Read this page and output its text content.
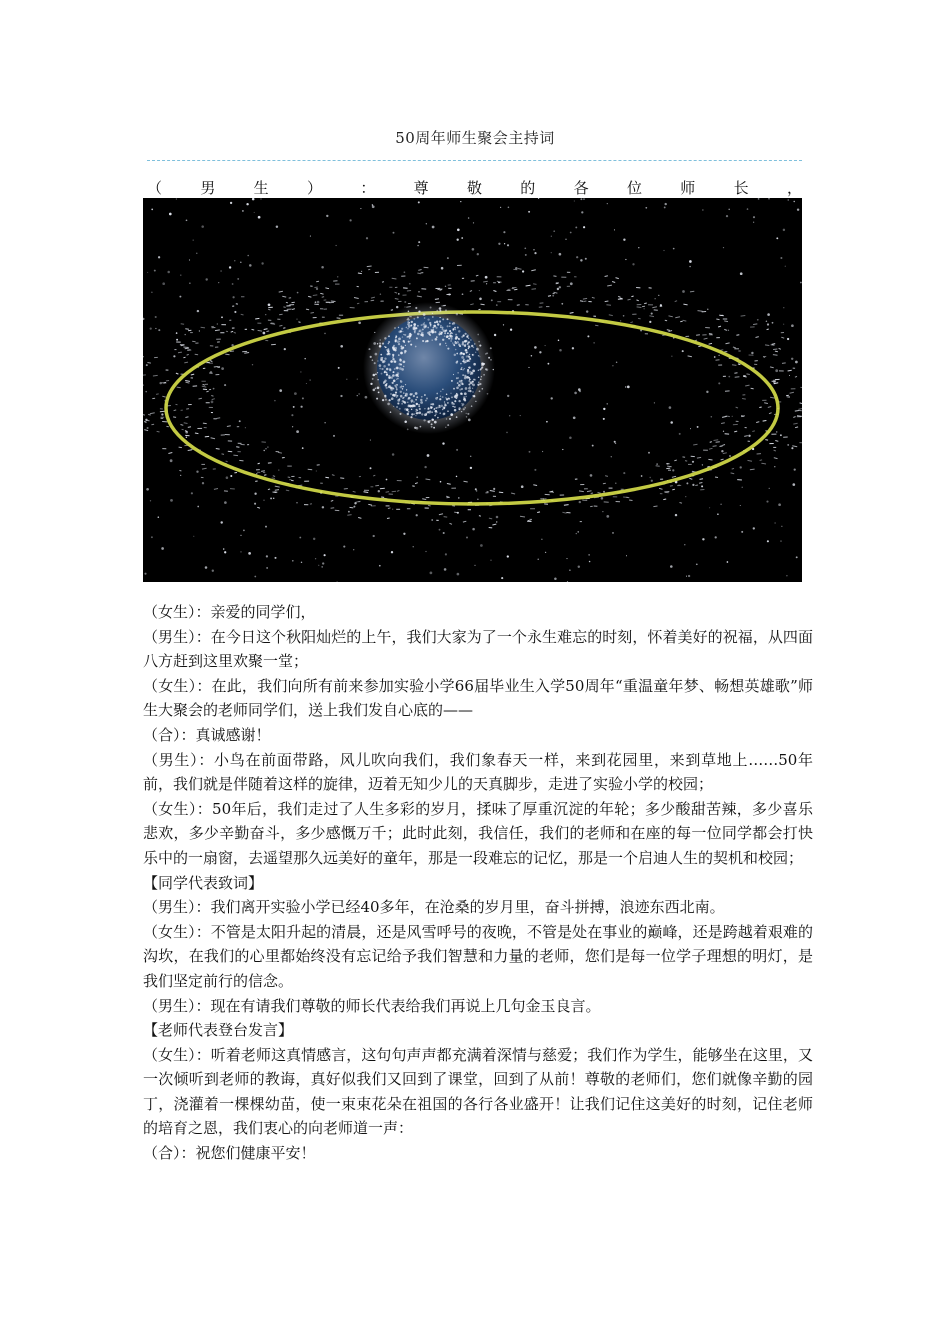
50周年师生聚会主持词
（	男	生	）	：	尊	敬	的	各	位	师	长	，

（女生）：亲爱的同学们，

（男生）：在今日这个秋阳灿烂的上午，我们大家为了一个永生难忘的时刻，怀着美好的祝福，从四面八方赶到这里欢聚一堂；

（女生）：在此，我们向所有前来参加实验小学66届毕业生入学50周年“重温童年梦、畅想英雄歌”师生大聚会的老师同学们，送上我们发自心底的——

（合）：真诚感谢！

（男生）：小鸟在前面带路，风儿吹向我们，我们象春天一样，来到花园里，来到草地上……50年前，我们就是伴随着这样的旋律，迈着无知少儿的天真脚步，走进了实验小学的校园；

（女生）：50年后，我们走过了人生多彩的岁月，揉味了厚重沉淀的年轮；多少酸甜苦辣，多少喜乐悲欢，多少辛勤奋斗，多少感慨万千；此时此刻，我信任，我们的老师和在座的每一位同学都会打快乐中的一扇窗，去遥望那久远美好的童年，那是一段难忘的记忆，那是一个启迪人生的契机和校园；

【同学代表致词】

（男生）：我们离开实验小学已经40多年，在沧桑的岁月里，奋斗拼搏，浪迹东西北南。

（女生）：不管是太阳升起的清晨，还是风雪呼号的夜晚，不管是处在事业的巅峰，还是跨越着艰难的沟坎，在我们的心里都始终没有忘记给予我们智慧和力量的老师，您们是每一位学子理想的明灯，是我们坚定前行的信念。

（男生）：现在有请我们尊敬的师长代表给我们再说上几句金玉良言。

【老师代表登台发言】

（女生）：听着老师这真情感言，这句句声声都充满着深情与慈爱；我们作为学生，能够坐在这里，又一次倾听到老师的教诲，真好似我们又回到了课堂，回到了从前！尊敬的老师们，您们就像辛勤的园丁，浇灌着一棵棵幼苗，使一束束花朵在祖国的各行各业盛开！让我们记住这美好的时刻，记住老师的培育之恩，我们衷心的向老师道一声：

（合）：祝您们健康平安！
